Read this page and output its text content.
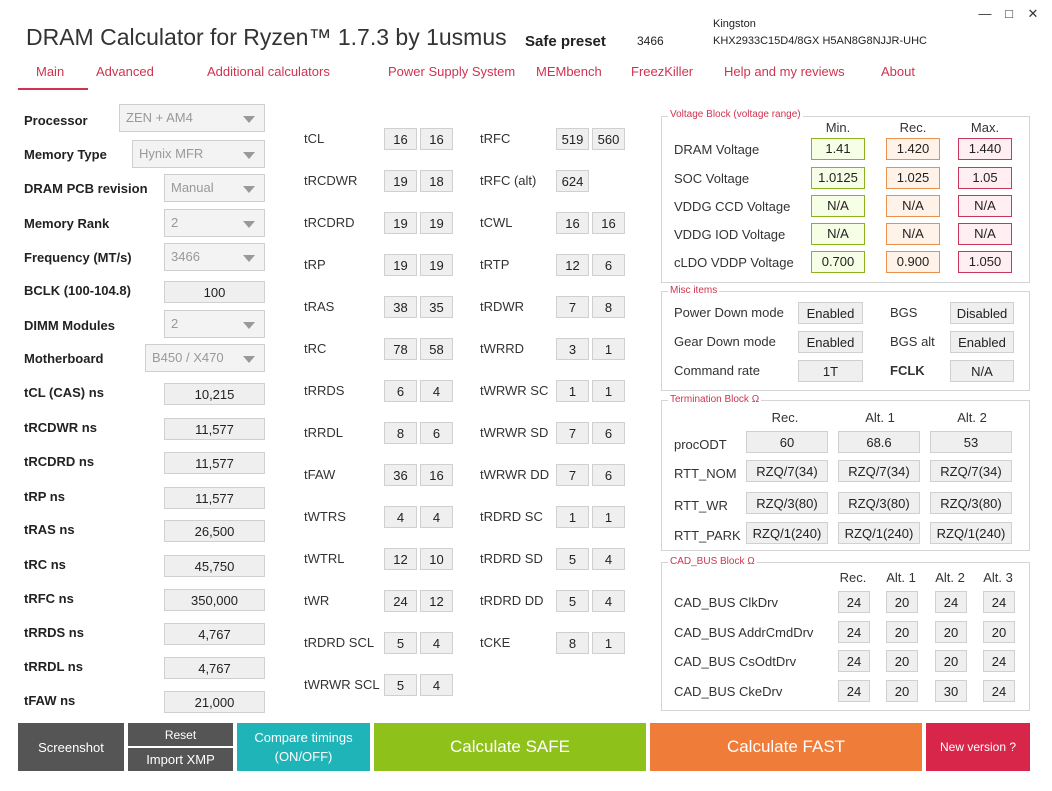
DRAM Calculator for Ryzen™ 1.7.3 by 1usmus Safe preset	3466
Kingston
KHX2933C15D4/8GX H5AN8G8NJJR-UHC
―	□	✕
Main Advanced	Additional calculators	Power Supply System MEMbench FreezKiller Help and my reviews	About
Processor	ZEN + AM4
Memory Type	Hynix MFR
DRAM PCB revision	Manual
Memory Rank	2
Frequency (MT/s)	3466
BCLK (100-104.8)	100
DIMM Modules	2
Motherboard	B450 / X470
tCL (CAS) ns	10,215
tRCDWR ns	11,577
tRCDRD ns	11,577
tRP ns	11,577
tRAS ns	26,500
tRC ns	45,750
tRFC ns	350,000
tRRDS ns	4,767
tRRDL ns	4,767
tFAW ns	21,000
tCL	16	16
tRCDWR	19	18
tRCDRD	19	19
tRP	19	19
tRAS	38	35
tRC	78	58
tRRDS	6	4
tRRDL	8	6
tFAW	36	16
tWTRS	4	4
tWTRL	12	10
tWR	24	12
tRDRD SCL	5	4
tWRWR SCL	5	4
tRFC	519	560
tRFC (alt)	624
tCWL	16	16
tRTP	12	6
tRDWR	7	8
tWRRD	3	1
tWRWR SC	1	1
tWRWR SD	7	6
tWRWR DD	7	6
tRDRD SC	1	1
tRDRD SD	5	4
tRDRD DD	5	4
tCKE	8	1
Voltage Block (voltage range)
Min.	Rec.	Max.
DRAM Voltage	1.41	1.420	1.440
SOC Voltage	1.0125	1.025	1.05
VDDG CCD Voltage	N/A	N/A	N/A
VDDG IOD Voltage	N/A	N/A	N/A
cLDO VDDP Voltage	0.700	0.900	1.050
Misc items
Power Down mode	Enabled
Gear Down mode	Enabled
Command rate	1T
BGS	Disabled
BGS alt	Enabled
FCLK	N/A
Termination Block Ω
Rec.	Alt. 1	Alt. 2
procODT	60	68.6	53
RTT_NOM	RZQ/7(34)	RZQ/7(34)	RZQ/7(34)
RTT_WR	RZQ/3(80)	RZQ/3(80)	RZQ/3(80)
RTT_PARK RZQ/1(240)	RZQ/1(240)	RZQ/1(240)
CAD_BUS Block Ω
Rec.	Alt. 1	Alt. 2	Alt. 3
CAD_BUS ClkDrv	24	20	24	24
CAD_BUS AddrCmdDrv	24	20	20	20
CAD_BUS CsOdtDrv	24	20	20	24
CAD_BUS CkeDrv	24	20	30	24
Screenshot
Reset
Import XMP
Compare timings
(ON/OFF)
Calculate SAFE	Calculate FAST	New version ?
